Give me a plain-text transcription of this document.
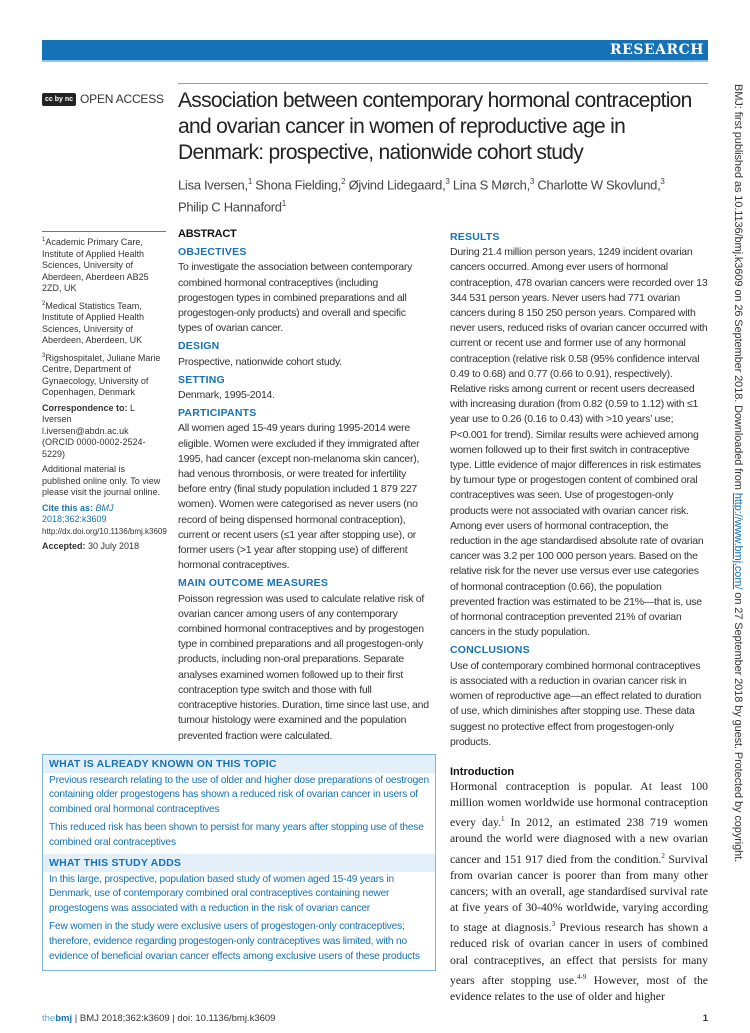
RESEARCH
cc by nc OPEN ACCESS Association between contemporary hormonal contraception and ovarian cancer in women of reproductive age in Denmark: prospective, nationwide cohort study
Lisa Iversen,$^1$ Shona Fielding,$^2$ Øjvind Lidegaard,$^3$ Lina S Mørch,$^3$ Charlotte W Skovlund,$^3$
Philip C Hannaford$^1$

$^1$Academic Primary Care, Institute of Applied Health Sciences, University of Aberdeen, Aberdeen AB25 2ZD, UK

$^2$Medical Statistics Team, Institute of Applied Health Sciences, University of Aberdeen, Aberdeen, UK

$^3$Rigshospitalet, Juliane Marie Centre, Department of Gynaecology, University of Copenhagen, Denmark

Correspondence to: L Iversen
l.iversen@abdn.ac.uk
(ORCID 0000-0002-2524-5229)

Additional material is published online only. To view please visit the journal online.

Cite this as: BMJ 2018;362:k3609
http://dx.doi.org/10.1136/bmj.k3609

Accepted: 30 July 2018

ABSTRACT
OBJECTIVES

To investigate the association between contemporary combined hormonal contraceptives (including progestogen types in combined preparations and all progestogen-only products) and overall and specific types of ovarian cancer.

DESIGN

Prospective, nationwide cohort study.

SETTING

Denmark, 1995-2014.

PARTICIPANTS

All women aged 15-49 years during 1995-2014 were eligible. Women were excluded if they immigrated after 1995, had cancer (except non-melanoma skin cancer), had venous thrombosis, or were treated for infertility before entry (final study population included 1 879 227 women). Women were categorised as never users (no record of being dispensed hormonal contraception), current or recent users (≤1 year after stopping use), or former users (>1 year after stopping use) of different hormonal contraceptives.

MAIN OUTCOME MEASURES

Poisson regression was used to calculate relative risk of ovarian cancer among users of any contemporary combined hormonal contraceptives and by progestogen type in combined preparations and all progestogen-only products, including non-oral preparations. Separate analyses examined women followed up to their first contraception type switch and those with full contraceptive histories. Duration, time since last use, and tumour histology were examined and the population prevented fraction were calculated.

WHAT IS ALREADY KNOWN ON THIS TOPIC

Previous research relating to the use of older and higher dose preparations of oestrogen containing older progestogens has shown a reduced risk of ovarian cancer in users of combined oral hormonal contraceptives

This reduced risk has been shown to persist for many years after stopping use of these combined oral contraceptives

WHAT THIS STUDY ADDS

In this large, prospective, population based study of women aged 15-49 years in Denmark, use of contemporary combined oral contraceptives containing newer progestogens was associated with a reduction in the risk of ovarian cancer

Few women in the study were exclusive users of progestogen-only contraceptives; therefore, evidence regarding progestogen-only contraceptives was limited, with no evidence of beneficial ovarian cancer effects among exclusive users of these products

RESULTS

During 21.4 million person years, 1249 incident ovarian cancers occurred. Among ever users of hormonal contraception, 478 ovarian cancers were recorded over 13 344 531 person years. Never users had 771 ovarian cancers during 8 150 250 person years. Compared with never users, reduced risks of ovarian cancer occurred with current or recent use and former use of any hormonal contraception (relative risk 0.58 (95% confidence interval 0.49 to 0.68) and 0.77 (0.66 to 0.91), respectively). Relative risks among current or recent users decreased with increasing duration (from 0.82 (0.59 to 1.12) with ≤1 year use to 0.26 (0.16 to 0.43) with >10 years’ use; P<0.001 for trend). Similar results were achieved among women followed up to their first switch in contraceptive type. Little evidence of major differences in risk estimates by tumour type or progestogen content of combined oral contraceptives was seen. Use of progestogen-only products were not associated with ovarian cancer risk. Among ever users of hormonal contraception, the reduction in the age standardised absolute rate of ovarian cancer was 3.2 per 100 000 person years. Based on the relative risk for the never use versus ever use categories of hormonal contraception (0.66), the population prevented fraction was estimated to be 21%—that is, use of hormonal contraception prevented 21% of ovarian cancers in the study population.

CONCLUSIONS

Use of contemporary combined hormonal contraceptives is associated with a reduction in ovarian cancer risk in women of reproductive age—an effect related to duration of use, which diminishes after stopping use. These data suggest no protective effect from progestogen-only products.

Introduction

Hormonal contraception is popular. At least 100 million women worldwide use hormonal contraception every day.$^1$ In 2012, an estimated 238 719 women around the world were diagnosed with a new ovarian cancer and 151 917 died from the condition.$^2$ Survival from ovarian cancer is poorer than from many other cancers; with an overall, age standardised survival rate at five years of 30-40% worldwide, varying according to stage at diagnosis.$^3$ Previous research has shown a reduced risk of ovarian cancer in users of combined oral contraceptives, an effect that persists for many years after stopping use.$^{4-9}$ However, most of the evidence relates to the use of older and higher

BMJ: first published as 10.1136/bmj.k3609 on 26 September 2018. Downloaded from http://www.bmj.com/ on 27 September 2018 by guest. Protected by copyright.
thebmj | BMJ 2018;362:k3609 | doi: 10.1136/bmj.k3609	1
